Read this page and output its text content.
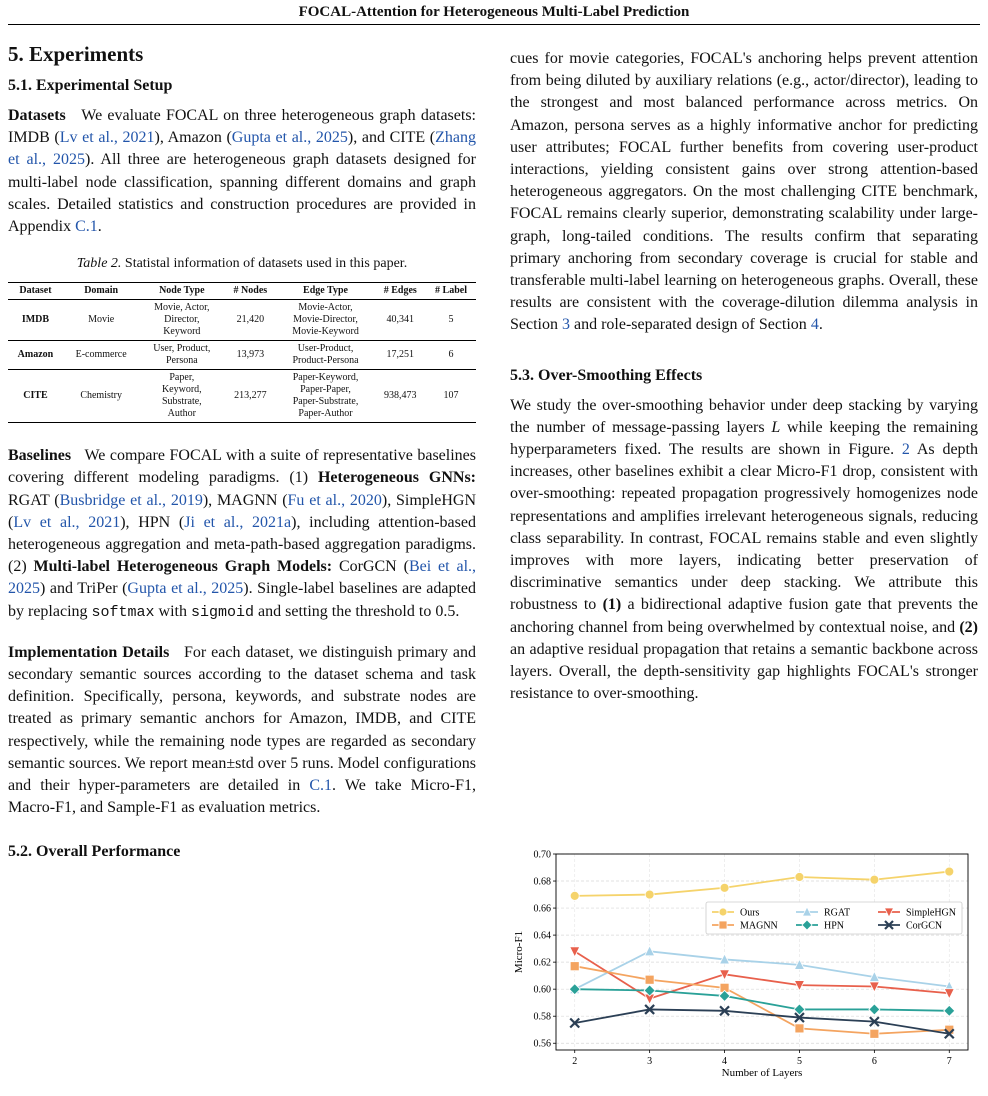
FOCAL-Attention for Heterogeneous Multi-Label Prediction
5. Experiments
5.1. Experimental Setup

Datasets We evaluate FOCAL on three heterogeneous graph datasets: IMDB (Lv et al., 2021), Amazon (Gupta et al., 2025), and CITE (Zhang et al., 2025). All three are heterogeneous graph datasets designed for multi-label node classification, spanning different domains and graph scales. Detailed statistics and construction procedures are provided in Appendix C.1.

Table 2. Statistal information of datasets used in this paper.
Dataset	Domain	Node Type	# Nodes	Edge Type	# Edges	# Label
IMDB	Movie	Movie, Actor,
Director,
Keyword	21,420	Movie-Actor,
Movie-Director,
Movie-Keyword	40,341	5
Amazon	E-commerce	User, Product,
Persona	13,973	User-Product,
Product-Persona	17,251	6
CITE	Chemistry	Paper,
Keyword,
Substrate,
Author	213,277	Paper-Keyword,
Paper-Paper,
Paper-Substrate,
Paper-Author	938,473	107

Baselines We compare FOCAL with a suite of representative baselines covering different modeling paradigms. (1) Heterogeneous GNNs: RGAT (Busbridge et al., 2019), MAGNN (Fu et al., 2020), SimpleHGN (Lv et al., 2021), HPN (Ji et al., 2021a), including attention-based heterogeneous aggregation and meta-path-based aggregation paradigms. (2) Multi-label Heterogeneous Graph Models: CorGCN (Bei et al., 2025) and TriPer (Gupta et al., 2025). Single-label baselines are adapted by replacing softmax with sigmoid and setting the threshold to 0.5.

Implementation Details For each dataset, we distinguish primary and secondary semantic sources according to the dataset schema and task definition. Specifically, persona, keywords, and substrate nodes are treated as primary semantic anchors for Amazon, IMDB, and CITE respectively, while the remaining node types are regarded as secondary semantic sources. We report mean±std over 5 runs. Model configurations and their hyper-parameters are detailed in C.1. We take Micro-F1, Macro-F1, and Sample-F1 as evaluation metrics.

5.2. Overall Performance

cues for movie categories, FOCAL's anchoring helps prevent attention from being diluted by auxiliary relations (e.g., actor/director), leading to the strongest and most balanced performance across metrics. On Amazon, persona serves as a highly informative anchor for predicting user attributes; FOCAL further benefits from covering user-product interactions, yielding consistent gains over strong attention-based heterogeneous aggregators. On the most challenging CITE benchmark, FOCAL remains clearly superior, demonstrating scalability under large-graph, long-tailed conditions. The results confirm that separating primary anchoring from secondary coverage is crucial for stable and transferable multi-label learning on heterogeneous graphs. Overall, these results are consistent with the coverage-dilution dilemma analysis in Section 3 and role-separated design of Section 4.

5.3. Over-Smoothing Effects

We study the over-smoothing behavior under deep stacking by varying the number of message-passing layers L while keeping the remaining hyperparameters fixed. The results are shown in Figure. 2 As depth increases, other baselines exhibit a clear Micro-F1 drop, consistent with over-smoothing: repeated propagation progressively homogenizes node representations and amplifies irrelevant heterogeneous signals, reducing class separability. In contrast, FOCAL remains stable and even slightly improves with more layers, indicating better preservation of discriminative semantics under deep stacking. We attribute this robustness to (1) a bidirectional adaptive fusion gate that prevents the anchoring channel from being overwhelmed by contextual noise, and (2) an adaptive residual propagation that retains a semantic backbone across layers. Overall, the depth-sensitivity gap highlights FOCAL's stronger resistance to over-smoothing.

0.56
0.58
0.60
0.62
0.64
0.66
0.68
0.70
2	3	4	5	6	7
Number of Layers
Micro-F1
Ours	RGAT	SimpleHGN
MAGNN	HPN	CorGCN
